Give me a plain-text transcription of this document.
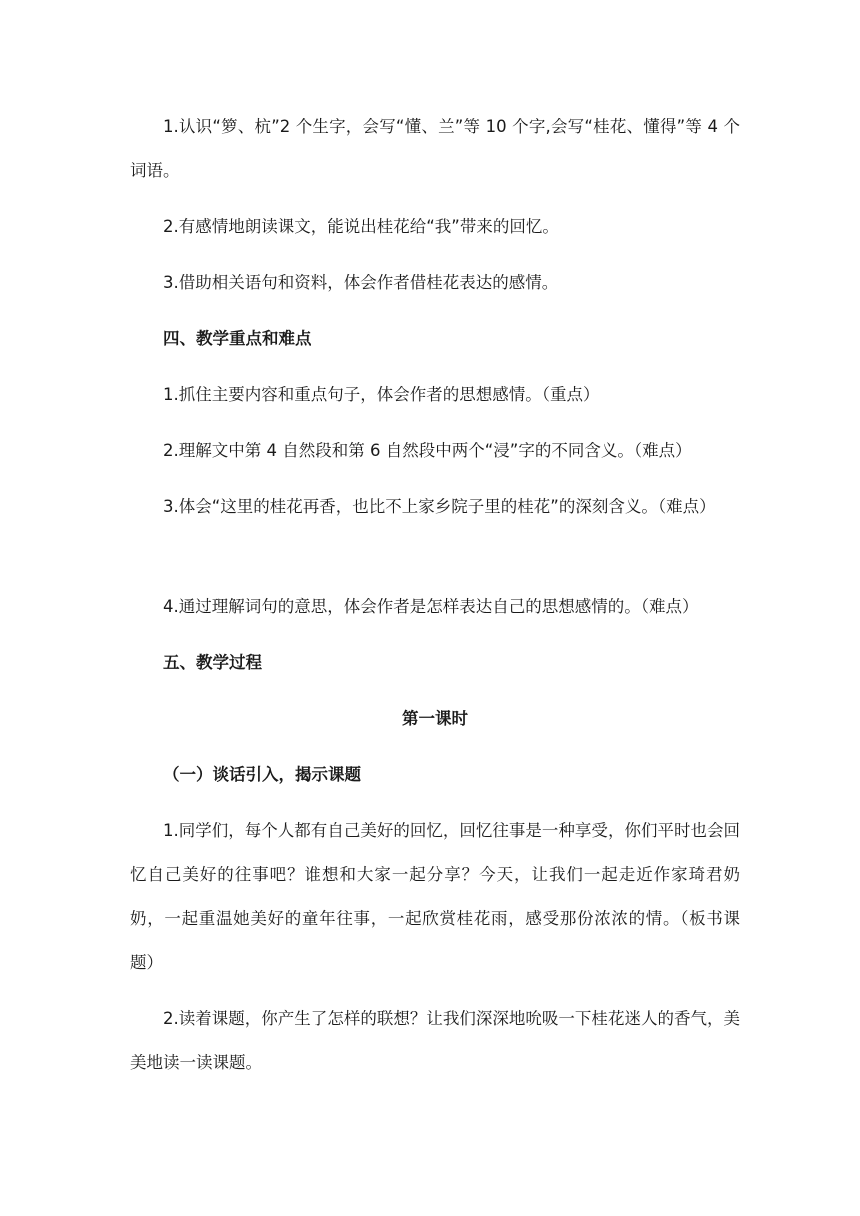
1.认识“箩、杭”2 个生字，会写“懂、兰”等 10 个字,会写“桂花、懂得”等 4 个词语。

2.有感情地朗读课文，能说出桂花给“我”带来的回忆。

3.借助相关语句和资料，体会作者借桂花表达的感情。

四、教学重点和难点

1.抓住主要内容和重点句子，体会作者的思想感情。（重点）

2.理解文中第 4 自然段和第 6 自然段中两个“浸”字的不同含义。（难点）

3.体会“这里的桂花再香，也比不上家乡院子里的桂花”的深刻含义。（难点）

4.通过理解词句的意思，体会作者是怎样表达自己的思想感情的。（难点）

五、教学过程

第一课时

（一）谈话引入，揭示课题

1.同学们，每个人都有自己美好的回忆，回忆往事是一种享受，你们平时也会回忆自己美好的往事吧？谁想和大家一起分享？今天，让我们一起走近作家琦君奶奶，一起重温她美好的童年往事，一起欣赏桂花雨，感受那份浓浓的情。（板书课题）

2.读着课题，你产生了怎样的联想？让我们深深地吮吸一下桂花迷人的香气，美美地读一读课题。
